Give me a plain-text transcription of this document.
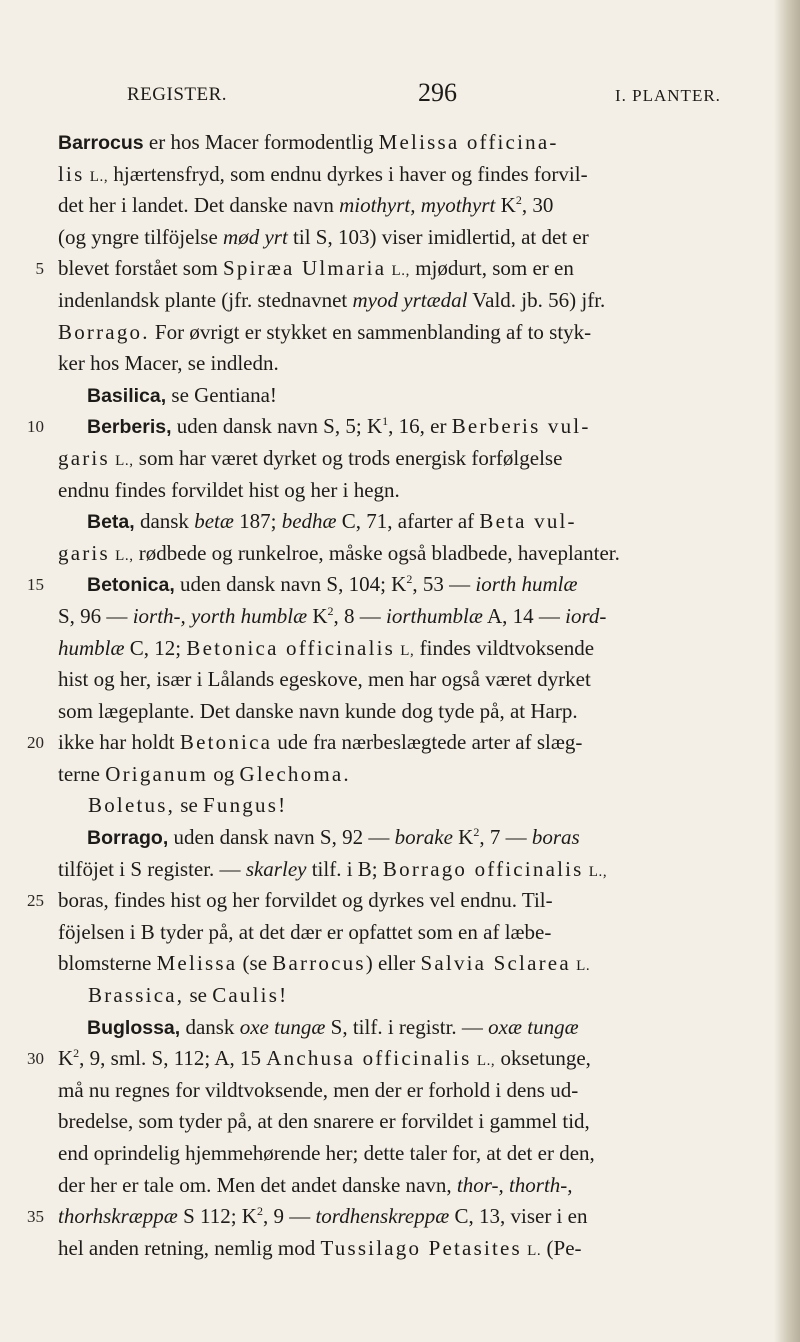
REGISTER.	296	I. PLANTER.
Barrocus er hos Macer formodentlig Melissa officina-
lis L., hjærtensfryd, som endnu dyrkes i haver og findes forvil-
det her i landet. Det danske navn miothyrt, myothyrt $K^2$, 30
(og yngre tilföjelse mød yrt til S, 103) viser imidlertid, at det er
5 blevet forstået som Spiræa Ulmaria L., mjødurt, som er en
indenlandsk plante (jfr. stednavnet myod yrtædal Vald. jb. 56) jfr.
Borrago. For øvrigt er stykket en sammenblanding af to styk-
ker hos Macer, se indledn.
Basilica, se Gentiana!
10 Berberis, uden dansk navn S, 5; $K^1$, 16, er Berberis vul-
garis L., som har været dyrket og trods energisk forfølgelse
endnu findes forvildet hist og her i hegn.
Beta, dansk betæ 187; bedhæ C, 71, afarter af Beta vul-
garis L., rødbede og runkelroe, måske også bladbede, haveplanter.
15 Betonica, uden dansk navn S, 104; $K^2$, 53 — iorth humlæ
S, 96 — iorth-, yorth humblæ $K^2$, 8 — iorthumblæ A, 14 — iord-
humblæ C, 12; Betonica officinalis L, findes vildtvoksende
hist og her, især i Lålands egeskove, men har også været dyrket
som lægeplante. Det danske navn kunde dog tyde på, at Harp.
20 ikke har holdt Betonica ude fra nærbeslægtede arter af slæg-
terne Origanum og Glechoma.
Boletus, se Fungus!
Borrago, uden dansk navn S, 92 — borake $K^2$, 7 — boras
tilföjet i S register. — skarley tilf. i B; Borrago officinalis L.,
25 boras, findes hist og her forvildet og dyrkes vel endnu. Til-
föjelsen i B tyder på, at det dær er opfattet som en af læbe-
blomsterne Melissa (se Barrocus) eller Salvia Sclarea L.
Brassica, se Caulis!
Buglossa, dansk oxe tungæ S, tilf. i registr. — oxæ tungæ
30 $K^2$, 9, sml. S, 112; A, 15 Anchusa officinalis L., oksetunge,
må nu regnes for vildtvoksende, men der er forhold i dens ud-
bredelse, som tyder på, at den snarere er forvildet i gammel tid,
end oprindelig hjemmehørende her; dette taler for, at det er den,
der her er tale om. Men det andet danske navn, thor-, thorth-,
35 thorhskræppæ S 112; $K^2$, 9 — tordhenskreppæ C, 13, viser i en
hel anden retning, nemlig mod Tussilago Petasites L. (Pe-
